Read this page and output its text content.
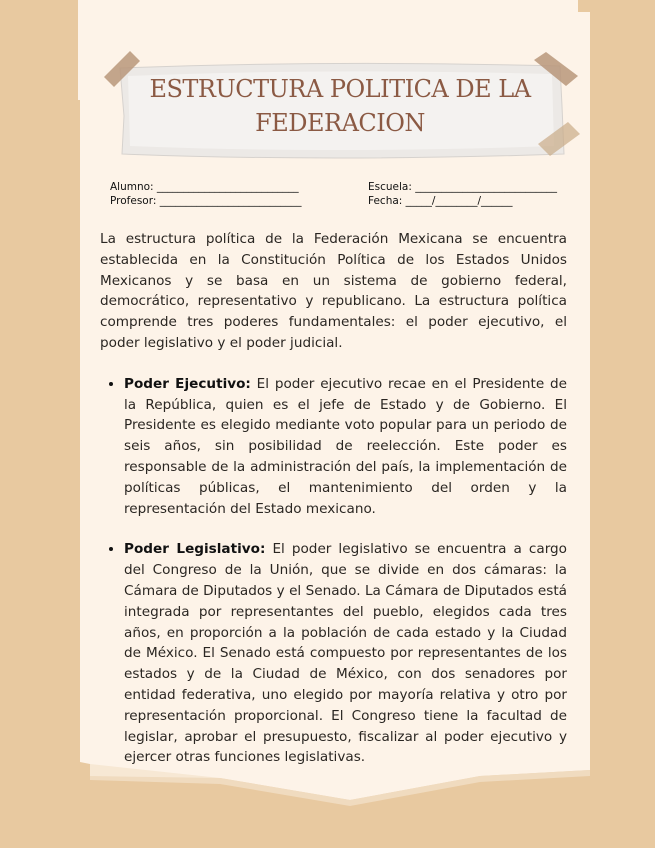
ESTRUCTURA POLITICA DE LA FEDERACION
Alumno: ___________________________
Profesor: ___________________________
Escuela: ___________________________
Fecha: _____/________/______

La estructura política de la Federación Mexicana se encuentra establecida en la Constitución Política de los Estados Unidos Mexicanos y se basa en un sistema de gobierno federal, democrático, representativo y republicano. La estructura política comprende tres poderes fundamentales: el poder ejecutivo, el poder legislativo y el poder judicial.

• Poder Ejecutivo: El poder ejecutivo recae en el Presidente de la República, quien es el jefe de Estado y de Gobierno. El Presidente es elegido mediante voto popular para un periodo de seis años, sin posibilidad de reelección. Este poder es responsable de la administración del país, la implementación de políticas públicas, el mantenimiento del orden y la representación del Estado mexicano.
• Poder Legislativo: El poder legislativo se encuentra a cargo del Congreso de la Unión, que se divide en dos cámaras: la Cámara de Diputados y el Senado. La Cámara de Diputados está integrada por representantes del pueblo, elegidos cada tres años, en proporción a la población de cada estado y la Ciudad de México. El Senado está compuesto por representantes de los estados y de la Ciudad de México, con dos senadores por entidad federativa, uno elegido por mayoría relativa y otro por representación proporcional. El Congreso tiene la facultad de legislar, aprobar el presupuesto, fiscalizar al poder ejecutivo y ejercer otras funciones legislativas.
